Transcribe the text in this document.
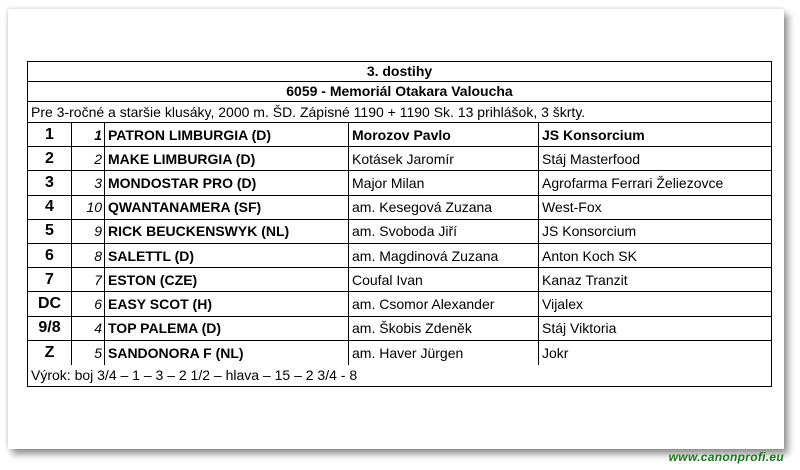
3. dostihy
6059 - Memoriál Otakara Valoucha
Pre 3-ročné a staršie klusáky, 2000 m. ŠD. Zápisné 1190 + 1190 Sk. 13 prihlášok, 3 škrty.
1	1 PATRON LIMBURGIA (D)	Morozov Pavlo	JS Konsorcium
2	2 MAKE LIMBURGIA (D)	Kotásek Jaromír	Stáj Masterfood
3	3 MONDOSTAR PRO (D)	Major Milan	Agrofarma Ferrari Želiezovce
4	10 QWANTANAMERA (SF)	am. Kesegová Zuzana	West-Fox
5	9 RICK BEUCKENSWYK (NL)	am. Svoboda Jiří	JS Konsorcium
6	8 SALETTL (D)	am. Magdinová Zuzana	Anton Koch SK
7	7 ESTON (CZE)	Coufal Ivan	Kanaz Tranzit
DC	6 EASY SCOT (H)	am. Csomor Alexander	Vijalex
9/8	4 TOP PALEMA (D)	am. Škobis Zdeněk	Stáj Viktoria
Z	5 SANDONORA F (NL)	am. Haver Jürgen	Jokr
Výrok: boj 3/4 – 1 – 3 – 2 1/2 – hlava – 15 – 2 3/4 - 8
www.canonprofi.eu
